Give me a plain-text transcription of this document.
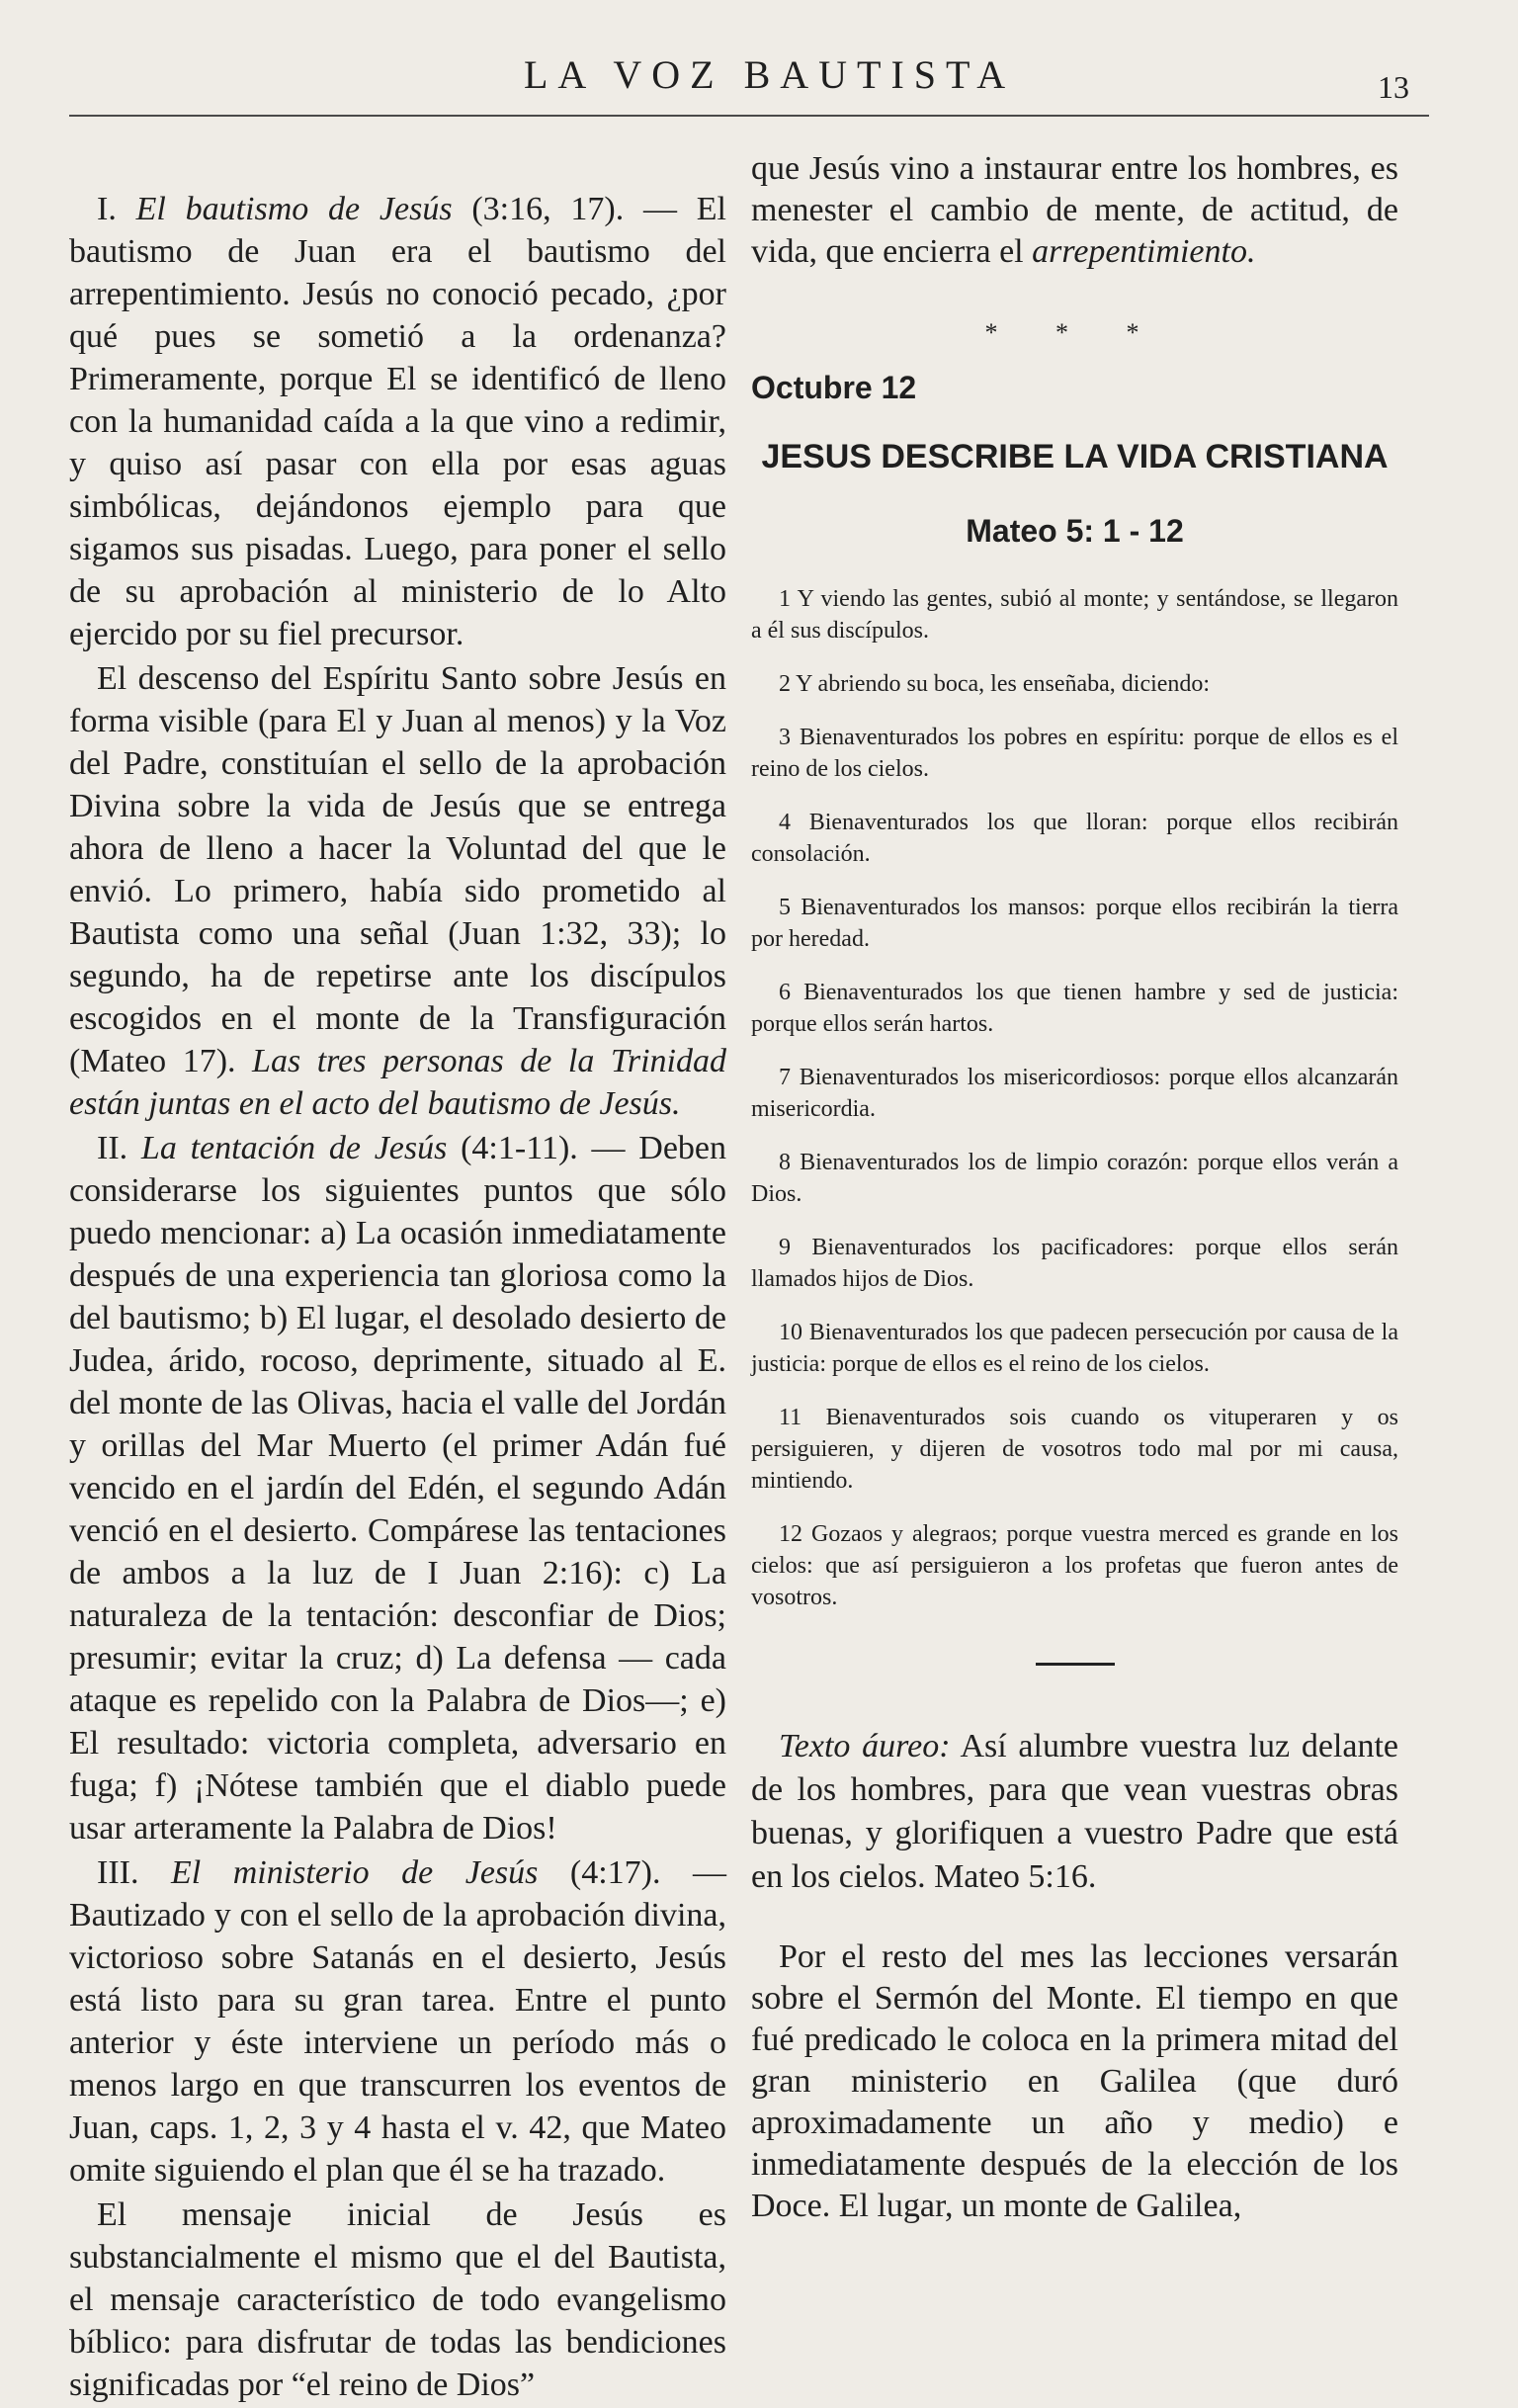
LA VOZ BAUTISTA	13

I. El bautismo de Jesús (3:16, 17). — El bautismo de Juan era el bautismo del arrepentimiento. Jesús no conoció pecado, ¿por qué pues se sometió a la ordenanza? Primeramente, porque El se identificó de lleno con la humanidad caída a la que vino a redimir, y quiso así pasar con ella por esas aguas simbólicas, dejándonos ejemplo para que sigamos sus pisadas. Luego, para poner el sello de su aprobación al ministerio de lo Alto ejercido por su fiel precursor.

El descenso del Espíritu Santo sobre Jesús en forma visible (para El y Juan al menos) y la Voz del Padre, constituían el sello de la aprobación Divina sobre la vida de Jesús que se entrega ahora de lleno a hacer la Voluntad del que le envió. Lo primero, había sido prometido al Bautista como una señal (Juan 1:32, 33); lo segundo, ha de repetirse ante los discípulos escogidos en el monte de la Transfiguración (Mateo 17). Las tres personas de la Trinidad están juntas en el acto del bautismo de Jesús.

II. La tentación de Jesús (4:1-11). — Deben considerarse los siguientes puntos que sólo puedo mencionar: a) La ocasión inmediatamente después de una experiencia tan gloriosa como la del bautismo; b) El lugar, el desolado desierto de Judea, árido, rocoso, deprimente, situado al E. del monte de las Olivas, hacia el valle del Jordán y orillas del Mar Muerto (el primer Adán fué vencido en el jardín del Edén, el segundo Adán venció en el desierto. Compárese las tentaciones de ambos a la luz de I Juan 2:16): c) La naturaleza de la tentación: desconfiar de Dios; presumir; evitar la cruz; d) La defensa — cada ataque es repelido con la Palabra de Dios—; e) El resultado: victoria completa, adversario en fuga; f) ¡Nótese también que el diablo puede usar arteramente la Palabra de Dios!

III. El ministerio de Jesús (4:17). — Bautizado y con el sello de la aprobación divina, victorioso sobre Satanás en el desierto, Jesús está listo para su gran tarea. Entre el punto anterior y éste interviene un período más o menos largo en que transcurren los eventos de Juan, caps. 1, 2, 3 y 4 hasta el v. 42, que Mateo omite siguiendo el plan que él se ha trazado.

El mensaje inicial de Jesús es substancialmente el mismo que el del Bautista, el mensaje característico de todo evangelismo bíblico: para disfrutar de todas las bendiciones significadas por “el reino de Dios”

que Jesús vino a instaurar entre los hombres, es menester el cambio de mente, de actitud, de vida, que encierra el arrepentimiento.

* * *
Octubre 12
JESUS DESCRIBE LA VIDA CRISTIANA
Mateo 5: 1 - 12

1 Y viendo las gentes, subió al monte; y sentándose, se llegaron a él sus discípulos.

2 Y abriendo su boca, les enseñaba, diciendo:

3 Bienaventurados los pobres en espíritu: porque de ellos es el reino de los cielos.

4 Bienaventurados los que lloran: porque ellos recibirán consolación.

5 Bienaventurados los mansos: porque ellos recibirán la tierra por heredad.

6 Bienaventurados los que tienen hambre y sed de justicia: porque ellos serán hartos.

7 Bienaventurados los misericordiosos: porque ellos alcanzarán misericordia.

8 Bienaventurados los de limpio corazón: porque ellos verán a Dios.

9 Bienaventurados los pacificadores: porque ellos serán llamados hijos de Dios.

10 Bienaventurados los que padecen persecución por causa de la justicia: porque de ellos es el reino de los cielos.

11 Bienaventurados sois cuando os vituperaren y os persiguieren, y dijeren de vosotros todo mal por mi causa, mintiendo.

12 Gozaos y alegraos; porque vuestra merced es grande en los cielos: que así persiguieron a los profetas que fueron antes de vosotros.

Texto áureo: Así alumbre vuestra luz delante de los hombres, para que vean vuestras obras buenas, y glorifiquen a vuestro Padre que está en los cielos. Mateo 5:16.

Por el resto del mes las lecciones versarán sobre el Sermón del Monte. El tiempo en que fué predicado le coloca en la primera mitad del gran ministerio en Galilea (que duró aproximadamente un año y medio) e inmediatamente después de la elección de los Doce. El lugar, un monte de Galilea,
